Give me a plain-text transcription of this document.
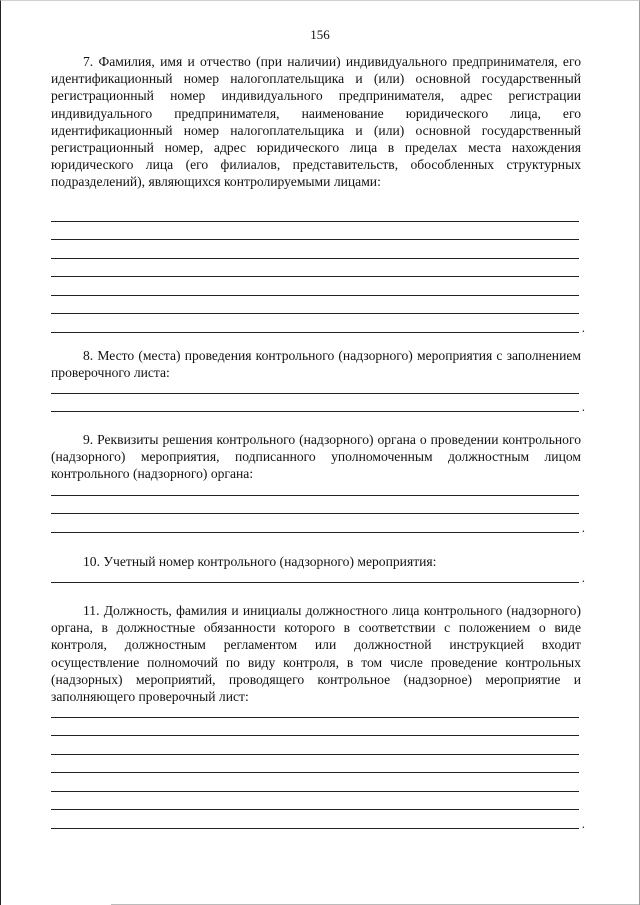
156

7. Фамилия, имя и отчество (при наличии) индивидуального предпринимателя, его идентификационный номер налогоплательщика и (или) основной государственный регистрационный номер индивидуального предпринимателя, адрес регистрации индивидуального предпринимателя, наименование юридического лица, его идентификационный номер налогоплательщика и (или) основной государственный регистрационный номер, адрес юридического лица в пределах места нахождения юридического лица (его филиалов, представительств, обособленных структурных подразделений), являющихся контролируемыми лицами:

.

8. Место (места) проведения контрольного (надзорного) мероприятия с заполнением проверочного листа:

.

9. Реквизиты решения контрольного (надзорного) органа о проведении контрольного (надзорного) мероприятия, подписанного уполномоченным должностным лицом контрольного (надзорного) органа:

.

10. Учетный номер контрольного (надзорного) мероприятия:

.

11. Должность, фамилия и инициалы должностного лица контрольного (надзорного) органа, в должностные обязанности которого в соответствии с положением о виде контроля, должностным регламентом или должностной инструкцией входит осуществление полномочий по виду контроля, в том числе проведение контрольных (надзорных) мероприятий, проводящего контрольное (надзорное) мероприятие и заполняющего проверочный лист:

.
